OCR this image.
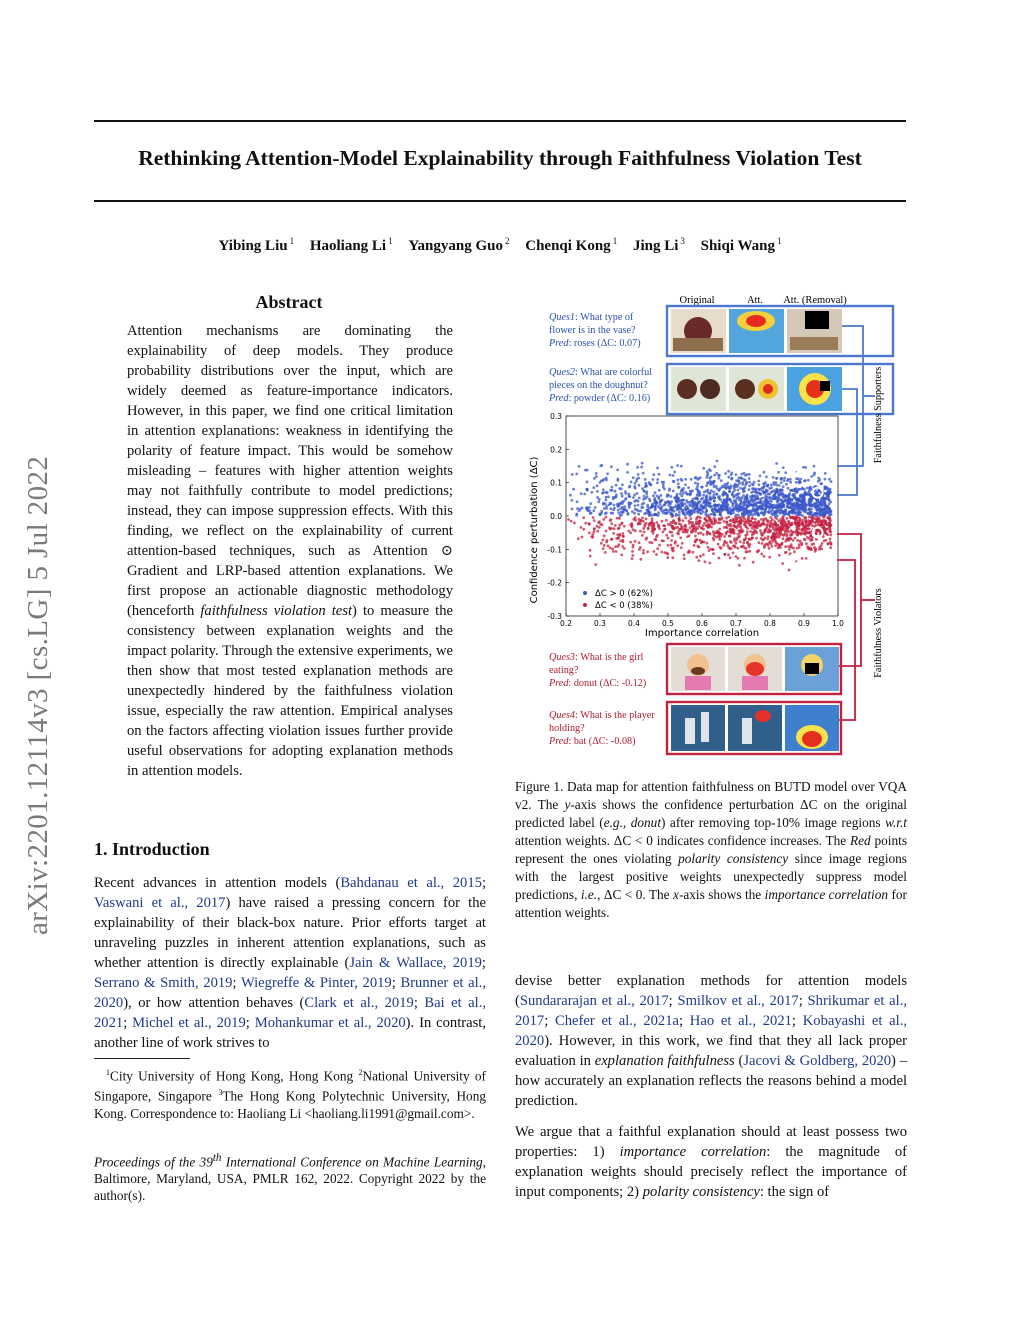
Rethinking Attention-Model Explainability through Faithfulness Violation Test
Yibing Liu $^1$ Haoliang Li $^1$ Yangyang Guo $^2$ Chenqi Kong $^1$ Jing Li $^3$ Shiqi Wang $^1$
arXiv:2201.12114v3 [cs.LG] 5 Jul 2022
Abstract
Attention mechanisms are dominating the explainability of deep models. They produce probability distributions over the input, which are widely deemed as feature-importance indicators. However, in this paper, we find one critical limitation in attention explanations: weakness in identifying the polarity of feature impact. This would be somehow misleading – features with higher attention weights may not faithfully contribute to model predictions; instead, they can impose suppression effects. With this finding, we reflect on the explainability of current attention-based techniques, such as Attention ⊙ Gradient and LRP-based attention explanations. We first propose an actionable diagnostic methodology (henceforth faithfulness violation test) to measure the consistency between explanation weights and the impact polarity. Through the extensive experiments, we then show that most tested explanation methods are unexpectedly hindered by the faithfulness violation issue, especially the raw attention. Empirical analyses on the factors affecting violation issues further provide useful observations for adopting explanation methods in attention models.
1. Introduction
Recent advances in attention models (Bahdanau et al., 2015; Vaswani et al., 2017) have raised a pressing concern for the explainability of their black-box nature. Prior efforts target at unraveling puzzles in inherent attention explanations, such as whether attention is directly explainable (Jain & Wallace, 2019; Serrano & Smith, 2019; Wiegreffe & Pinter, 2019; Brunner et al., 2020), or how attention behaves (Clark et al., 2019; Bai et al., 2021; Michel et al., 2019; Mohankumar et al., 2020). In contrast, another line of work strives to
$^1$City University of Hong Kong, Hong Kong $^2$National University of Singapore, Singapore $^3$The Hong Kong Polytechnic University, Hong Kong. Correspondence to: Haoliang Li <haoliang.li1991@gmail.com>.
Proceedings of the 39th International Conference on Machine Learning, Baltimore, Maryland, USA, PMLR 162, 2022. Copyright 2022 by the author(s).
Original	Att. Att. (Removal)
Ques1: What type of
flower is in the vase?
Pred: roses (ΔC: 0.07)
Ques2: What are colorful
pieces on the doughnut?
Pred: powder (ΔC: 0.16)
0.2	0.3	0.4	0.5	0.6	0.7	0.8	0.9	1.0
0.3
0.2
0.1
0.0
-0.1
-0.2
-0.3
Confidence perturbation (ΔC)
Importance correlation
ΔC > 0 (62%)
ΔC < 0 (38%)
Faithfulness Supporters
Faithfulness Violators
Ques3: What is the girl
eating?
Pred: donut (ΔC: -0.12)
Ques4: What is the player
holding?
Pred: bat (ΔC: -0.08)
Figure 1. Data map for attention faithfulness on BUTD model over VQA v2. The y-axis shows the confidence perturbation ΔC on the original predicted label (e.g., donut) after removing top-10% image regions w.r.t attention weights. ΔC < 0 indicates confidence increases. The Red points represent the ones violating polarity consistency since image regions with the largest positive weights unexpectedly suppress model predictions, i.e., ΔC < 0. The x-axis shows the importance correlation for attention weights.
devise better explanation methods for attention models (Sundararajan et al., 2017; Smilkov et al., 2017; Shrikumar et al., 2017; Chefer et al., 2021a; Hao et al., 2021; Kobayashi et al., 2020). However, in this work, we find that they all lack proper evaluation in explanation faithfulness (Jacovi & Goldberg, 2020) – how accurately an explanation reflects the reasons behind a model prediction.
We argue that a faithful explanation should at least possess two properties: 1) importance correlation: the magnitude of explanation weights should precisely reflect the importance of input components; 2) polarity consistency: the sign of
